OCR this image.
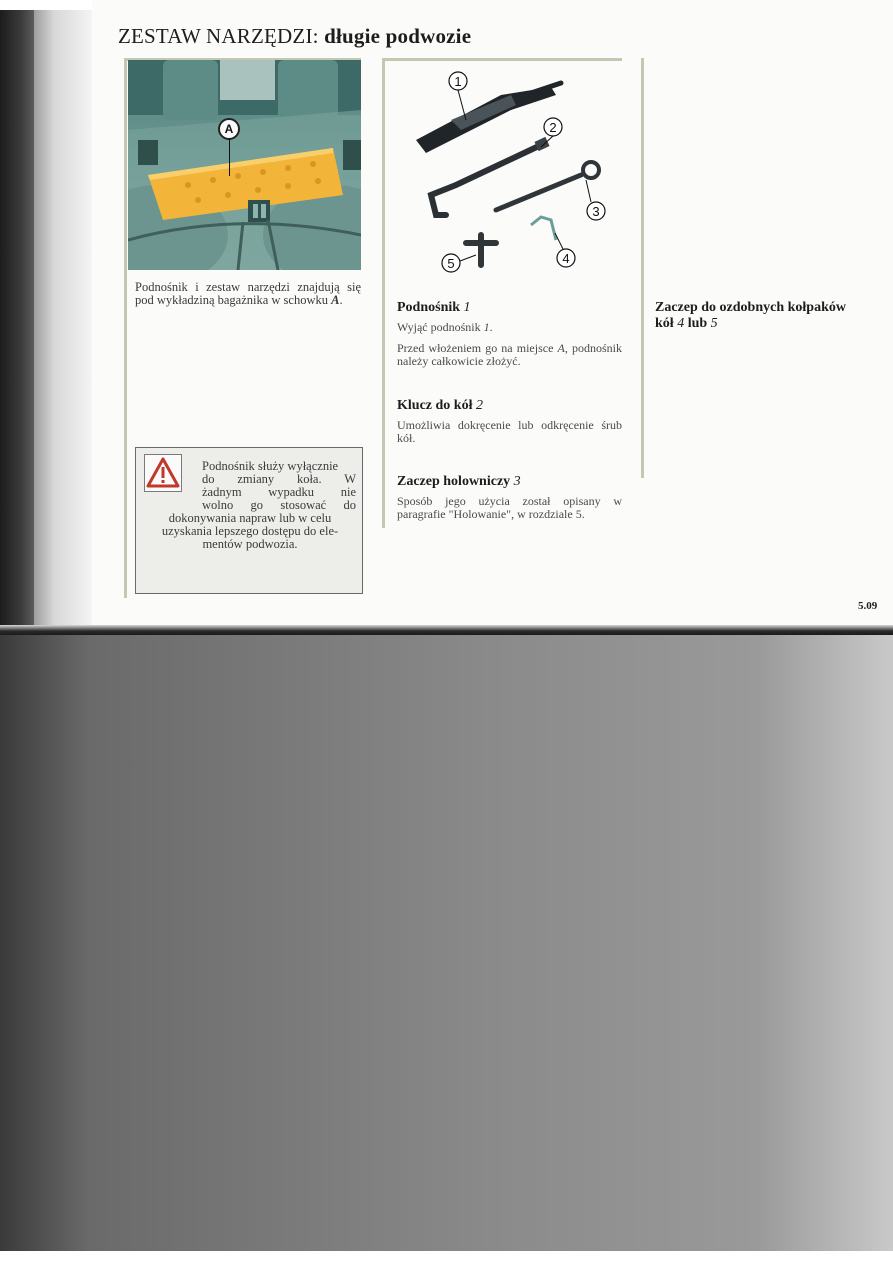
ZESTAW NARZĘDZI: długie podwozie
A
Podnośnik i zestaw narzędzi znajdują się pod wykładziną bagażnika w schowku A.
Podnośnik służy wyłącznie
do zmiany koła. W
żadnym wypadku nie
wolno go stosować do
dokonywania napraw lub w celu uzyskania lepszego dostępu do ele-mentów podwozia.
1
2
3
4
5
Podnośnik 1
Wyjąć podnośnik 1.
Przed włożeniem go na miejsce A, podnośnik należy całkowicie złożyć.
Klucz do kół 2
Umożliwia dokręcenie lub odkręcenie śrub kół.
Zaczep holowniczy 3
Sposób jego użycia został opisany w paragrafie "Holowanie", w rozdziale 5.
Zaczep do ozdobnych kołpaków
kół 4 lub 5
5.09
